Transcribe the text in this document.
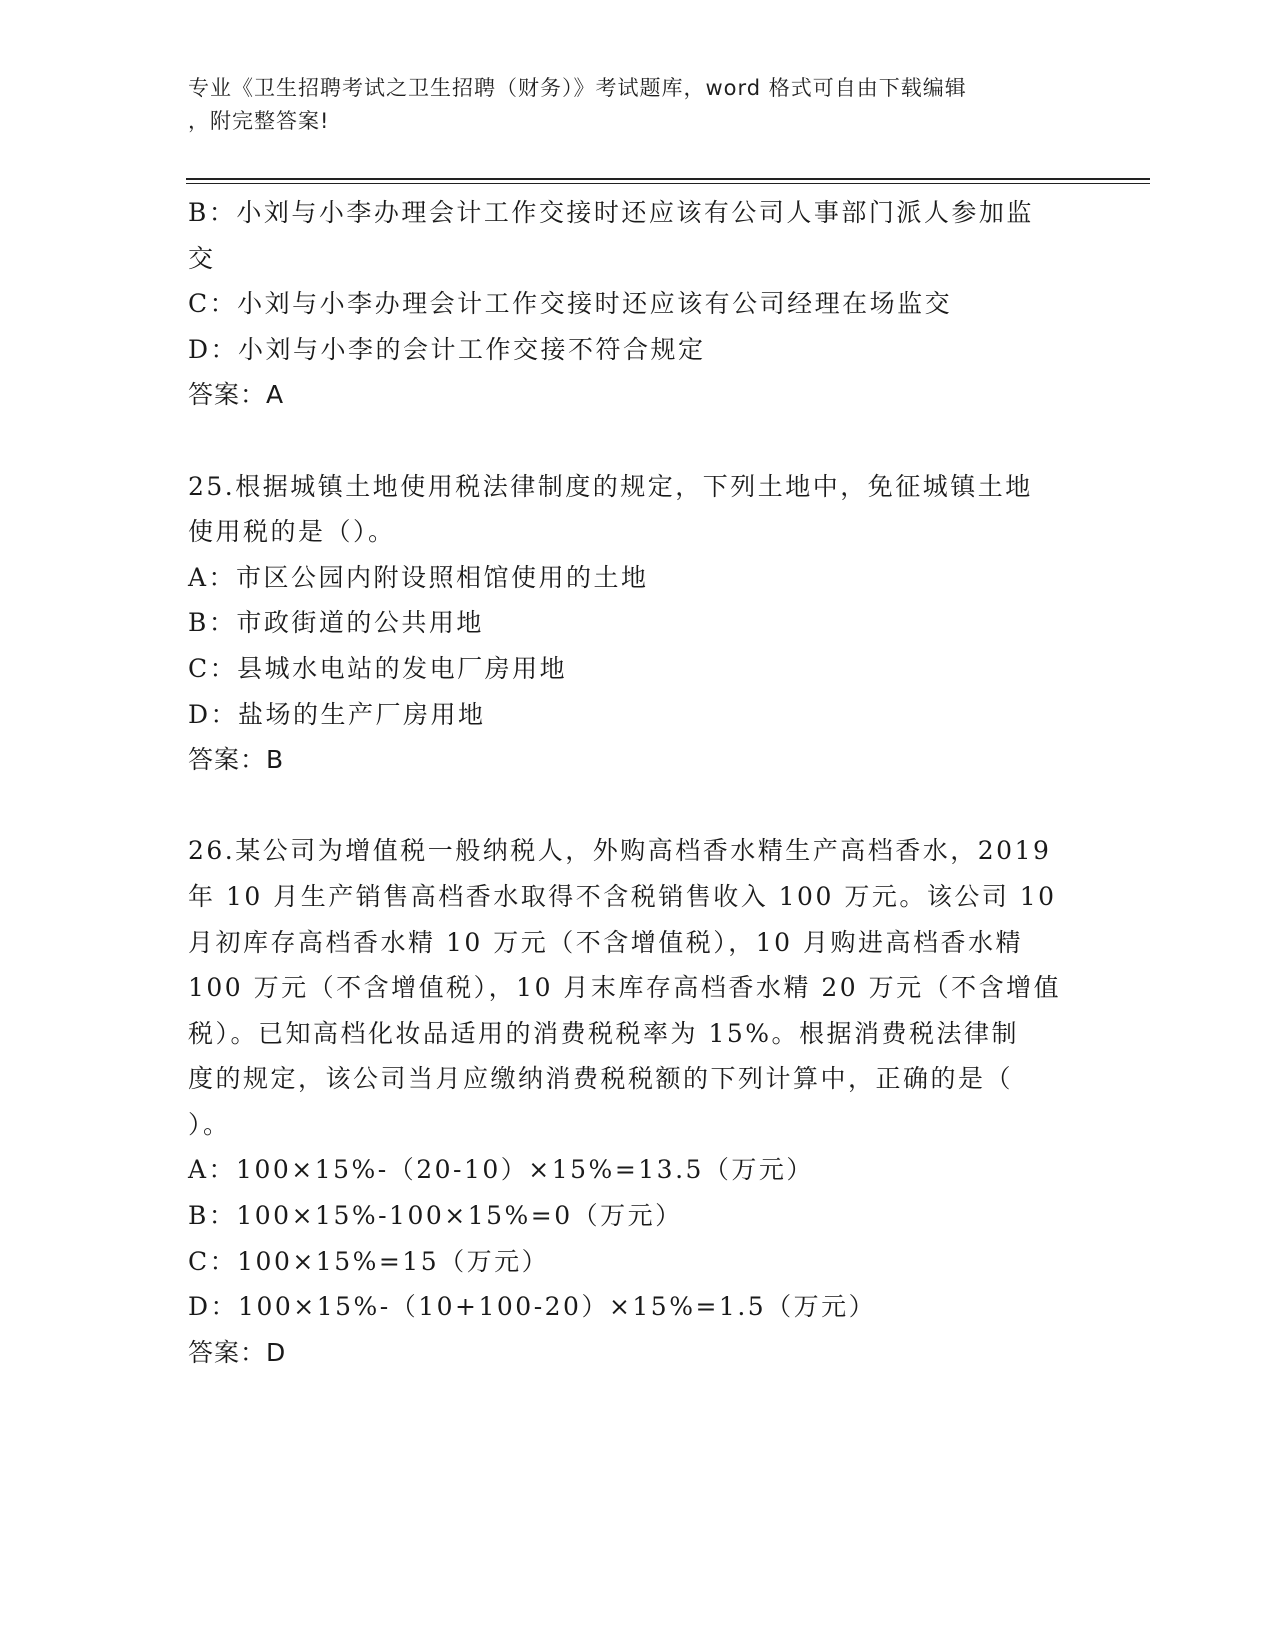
专业《卫生招聘考试之卫生招聘（财务）》考试题库，word 格式可自由下载编辑
，附完整答案!
B：小刘与小李办理会计工作交接时还应该有公司人事部门派人参加监
交
C：小刘与小李办理会计工作交接时还应该有公司经理在场监交
D：小刘与小李的会计工作交接不符合规定
答案：A
25.根据城镇土地使用税法律制度的规定，下列土地中，免征城镇土地
使用税的是（）。
A：市区公园内附设照相馆使用的土地
B：市政街道的公共用地
C：县城水电站的发电厂房用地
D：盐场的生产厂房用地
答案：B
26.某公司为增值税一般纳税人，外购高档香水精生产高档香水，2019
年 10 月生产销售高档香水取得不含税销售收入 100 万元。该公司 10
月初库存高档香水精 10 万元（不含增值税），10 月购进高档香水精
100 万元（不含增值税），10 月末库存高档香水精 20 万元（不含增值
税）。已知高档化妆品适用的消费税税率为 15%。根据消费税法律制
度的规定，该公司当月应缴纳消费税税额的下列计算中，正确的是（
）。
A：100×15%-（20-10）×15%=13.5（万元）
B：100×15%-100×15%=0（万元）
C：100×15%=15（万元）
D：100×15%-（10+100-20）×15%=1.5（万元）
答案：D
